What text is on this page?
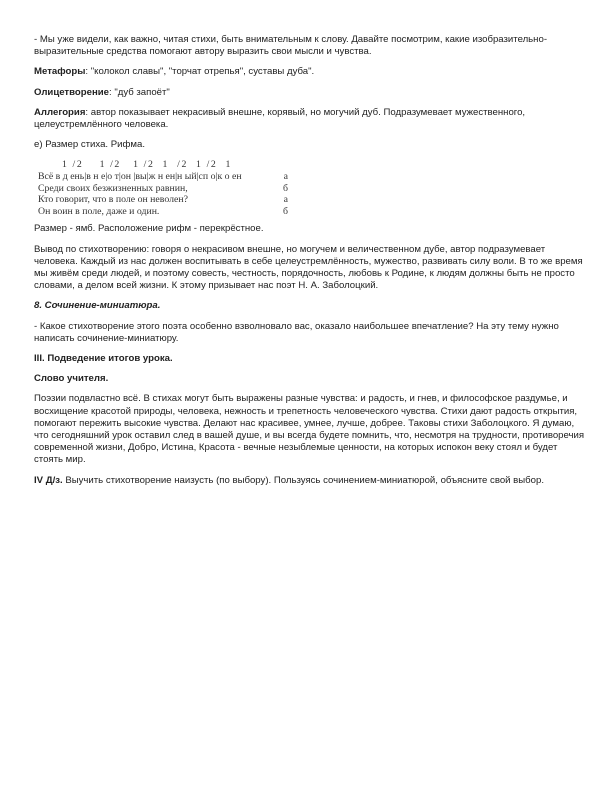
- Мы уже видели, как важно, читая стихи, быть внимательным к слову. Давайте посмотрим, какие изобразительно-выразительные средства помогают автору выразить свои мысли и чувства.

Метафоры: "колокол славы", "торчат отрепья", суставы дуба".

Олицетворение: "дуб запоёт"

Аллегория: автор показывает некрасивый внешне, корявый, но могучий дуб. Подразумевает мужественного, целеустремлённого человека.

е) Размер стиха. Рифма.

1 /2    1 /2   1 /2  1  /2  1 /2  1
Всё в д ень|в н е|о т|он |вы|ж н ен|н ый|сп о|к о ен	а
Среди своих безжизненных равнин,	б
Кто говорит, что в поле он неволен?	а
Он воин в поле, даже и один.	б

Размер - ямб. Расположение рифм - перекрёстное.

Вывод по стихотворению: говоря о некрасивом внешне, но могучем и величественном дубе, автор подразумевает человека. Каждый из нас должен воспитывать в себе целеустремлённость, мужество, развивать силу воли. В то же время мы живём среди людей, и поэтому совесть, честность, порядочность, любовь к Родине, к людям должны быть не просто словами, а делом всей жизни. К этому призывает нас поэт Н. А. Заболоцкий.

8. Сочинение-миниатюра.

- Какое стихотворение этого поэта особенно взволновало вас, оказало наибольшее впечатление? На эту тему нужно написать сочинение-миниатюру.

III. Подведение итогов урока.

Слово учителя.

Поэзии подвластно всё. В стихах могут быть выражены разные чувства: и радость, и гнев, и философское раздумье, и восхищение красотой природы, человека, нежность и трепетность человеческого чувства. Стихи дают радость открытия, помогают пережить высокие чувства. Делают нас красивее, умнее, лучше, добрее. Таковы стихи Заболоцкого. Я думаю, что сегодняшний урок оставил след в вашей душе, и вы всегда будете помнить, что, несмотря на трудности, противоречия современной жизни, Добро, Истина, Красота - вечные незыблемые ценности, на которых испокон веку стоял и будет стоять мир.

IV Д/з. Выучить стихотворение наизусть (по выбору). Пользуясь сочинением-миниатюрой, объясните свой выбор.
